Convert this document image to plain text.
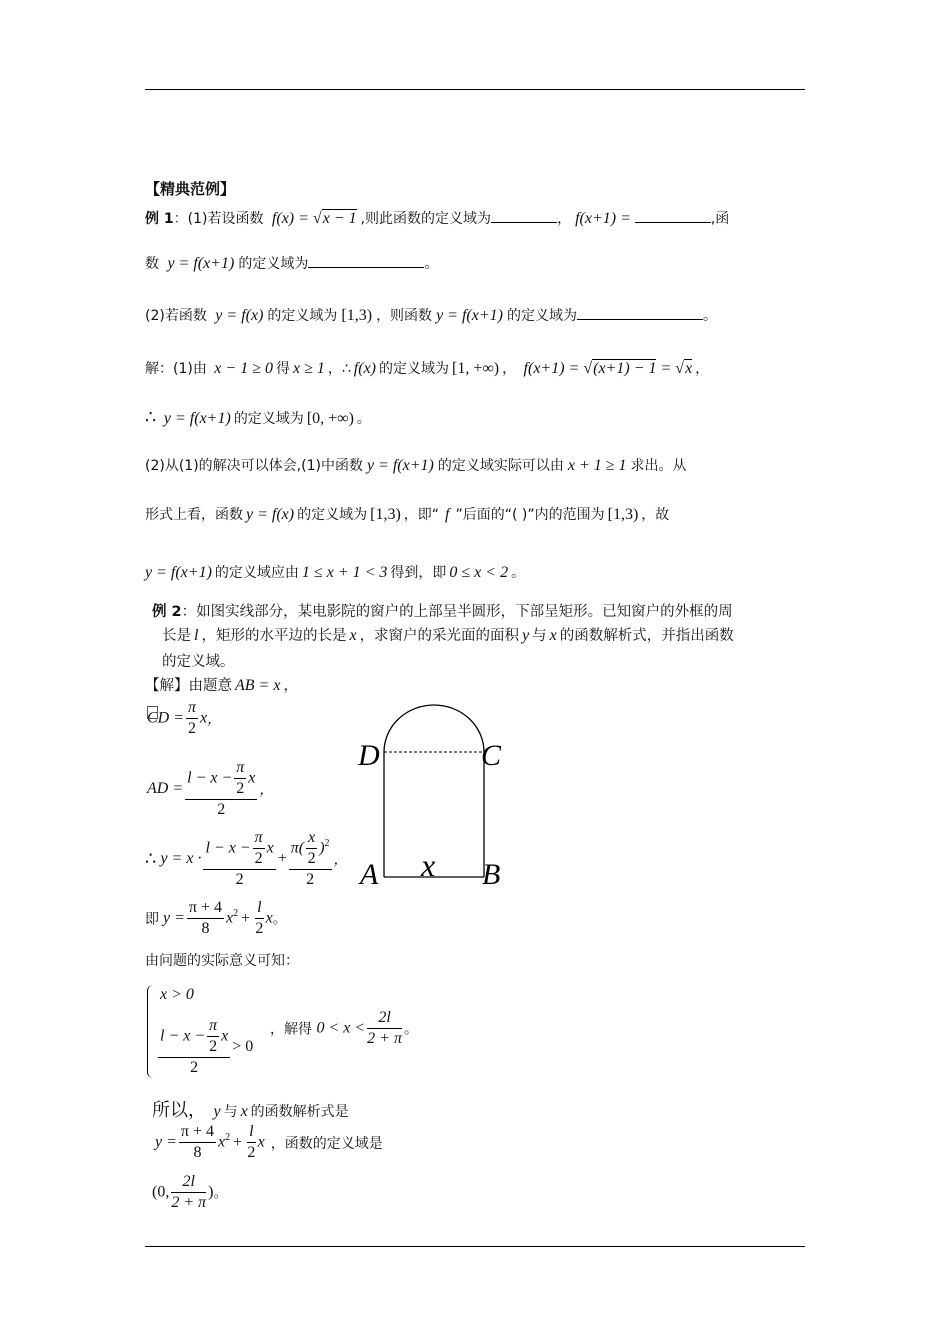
【精典范例】
例 1：(1)若设函数 f(x) = √x − 1 ,则此函数的定义域为	， f(x+1) =	,函
数 y = f(x+1) 的定义域为	。
(2)若函数 y = f(x) 的定义域为 [1,3) ，则函数 y = f(x+1) 的定义域为	。
解：(1)由 x − 1 ≥ 0 得 x ≥ 1 ，∴ f(x) 的定义域为 [1, +∞) ， f(x+1) = √(x+1) − 1 = √x ，
∴ y = f(x+1) 的定义域为 [0, +∞) 。
(2)从(1)的解决可以体会,(1)中函数 y = f(x+1) 的定义域实际可以由 x + 1 ≥ 1 求出。从
形式上看，函数 y = f(x) 的定义域为 [1,3) ，即“ f ”后面的“( )”内的范围为 [1,3) ，故
y = f(x+1) 的定义域应由 1 ≤ x + 1 < 3 得到，即 0 ≤ x < 2 。
例 2：如图实线部分，某电影院的窗户的上部呈半圆形，下部呈矩形。已知窗户的外框的周
长是 l ，矩形的水平边的长是 x ，求窗户的采光面的面积 y 与 x 的函数解析式，并指出函数
的定义域。
【解】由题意 AB = x ，
CD = $\frac{\pi}{2}$ x，
AD = $\frac{l - x - \frac{\pi}{2} x}{2}$ ，
∴ $y = x \cdot \frac{l - x - \frac{\pi}{2} x}{2} + \frac{\pi( \frac{x}{2} )^2}{2}$ ，
即 $y = \frac{\pi + 4}{8} x^2 + \frac{l}{2}$ x。
由问题的实际意义可知：
x > 0
$\frac{l - x - \frac{\pi}{2} x}{2} > 0$
，解得 $0 < x < \frac{2l}{2 + \pi}$ 。
所以， y 与 x 的函数解析式是
$y = \frac{\pi + 4}{8} x^2 + \frac{l}{2}$ x ，函数的定义域是
(0, $\frac{2l}{2 + \pi}$ )。
D	C
A	B
x
